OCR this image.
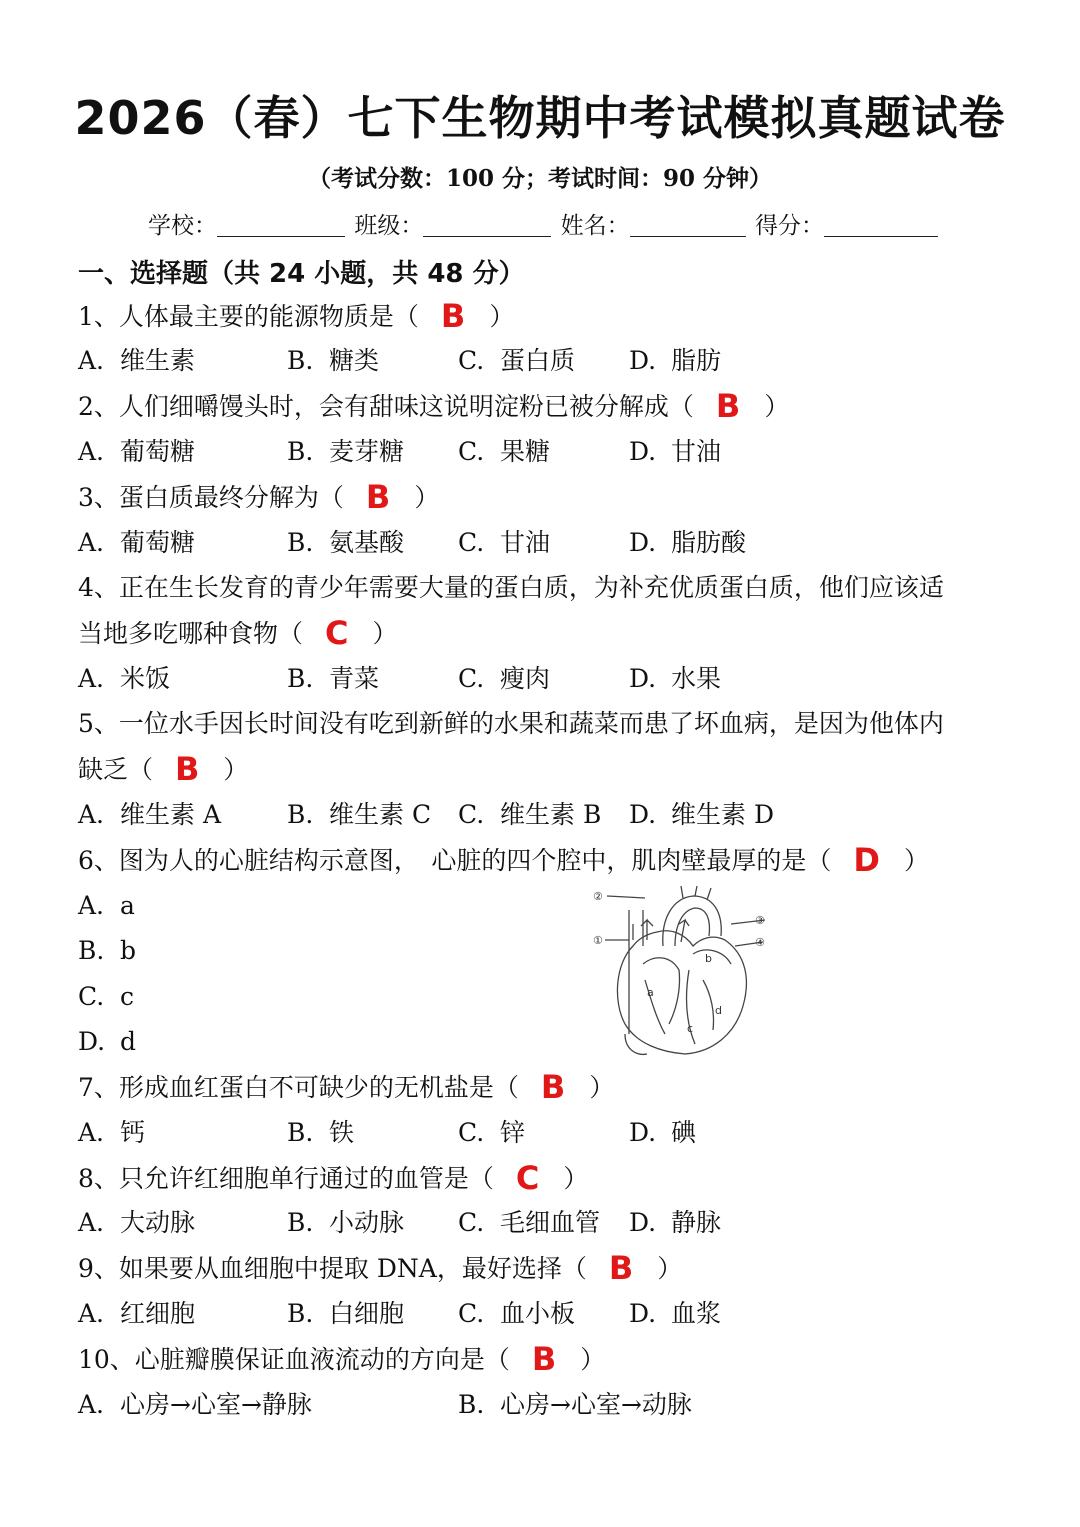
2026（春）七下生物期中考试模拟真题试卷
（考试分数：100 分；考试时间：90 分钟）
学校：	班级：	姓名：	得分：
一、选择题（共 24 小题，共 48 分）
1、人体最主要的能源物质是（ B ）
A. 维生素	B. 糖类	C. 蛋白质 D. 脂肪
2、人们细嚼馒头时，会有甜味这说明淀粉已被分解成（ B ）
A. 葡萄糖	B. 麦芽糖 C. 果糖	D. 甘油
3、蛋白质最终分解为（ B ）
A. 葡萄糖	B. 氨基酸 C. 甘油	D. 脂肪酸
4、正在生长发育的青少年需要大量的蛋白质，为补充优质蛋白质，他们应该适
当地多吃哪种食物（ C ）
A. 米饭	B. 青菜	C. 瘦肉	D. 水果
5、一位水手因长时间没有吃到新鲜的水果和蔬菜而患了坏血病，是因为他体内
缺乏（ B ）
A. 维生素 A	B. 维生素 C C. 维生素 B D. 维生素 D
6、图为人的心脏结构示意图，　心脏的四个腔中，肌肉壁最厚的是（ D ）
A. a
B. b
C. c
D. d
①
②
③
④
a
b
c
d
7、形成血红蛋白不可缺少的无机盐是（ B ）
A. 钙	B. 铁	C. 锌	D. 碘
8、只允许红细胞单行通过的血管是（ C ）
A. 大动脉	B. 小动脉 C. 毛细血管 D. 静脉
9、如果要从血细胞中提取 DNA，最好选择（ B ）
A. 红细胞	B. 白细胞 C. 血小板 D. 血浆
10、心脏瓣膜保证血液流动的方向是（ B ）
A. 心房→心室→静脉	B. 心房→心室→动脉
